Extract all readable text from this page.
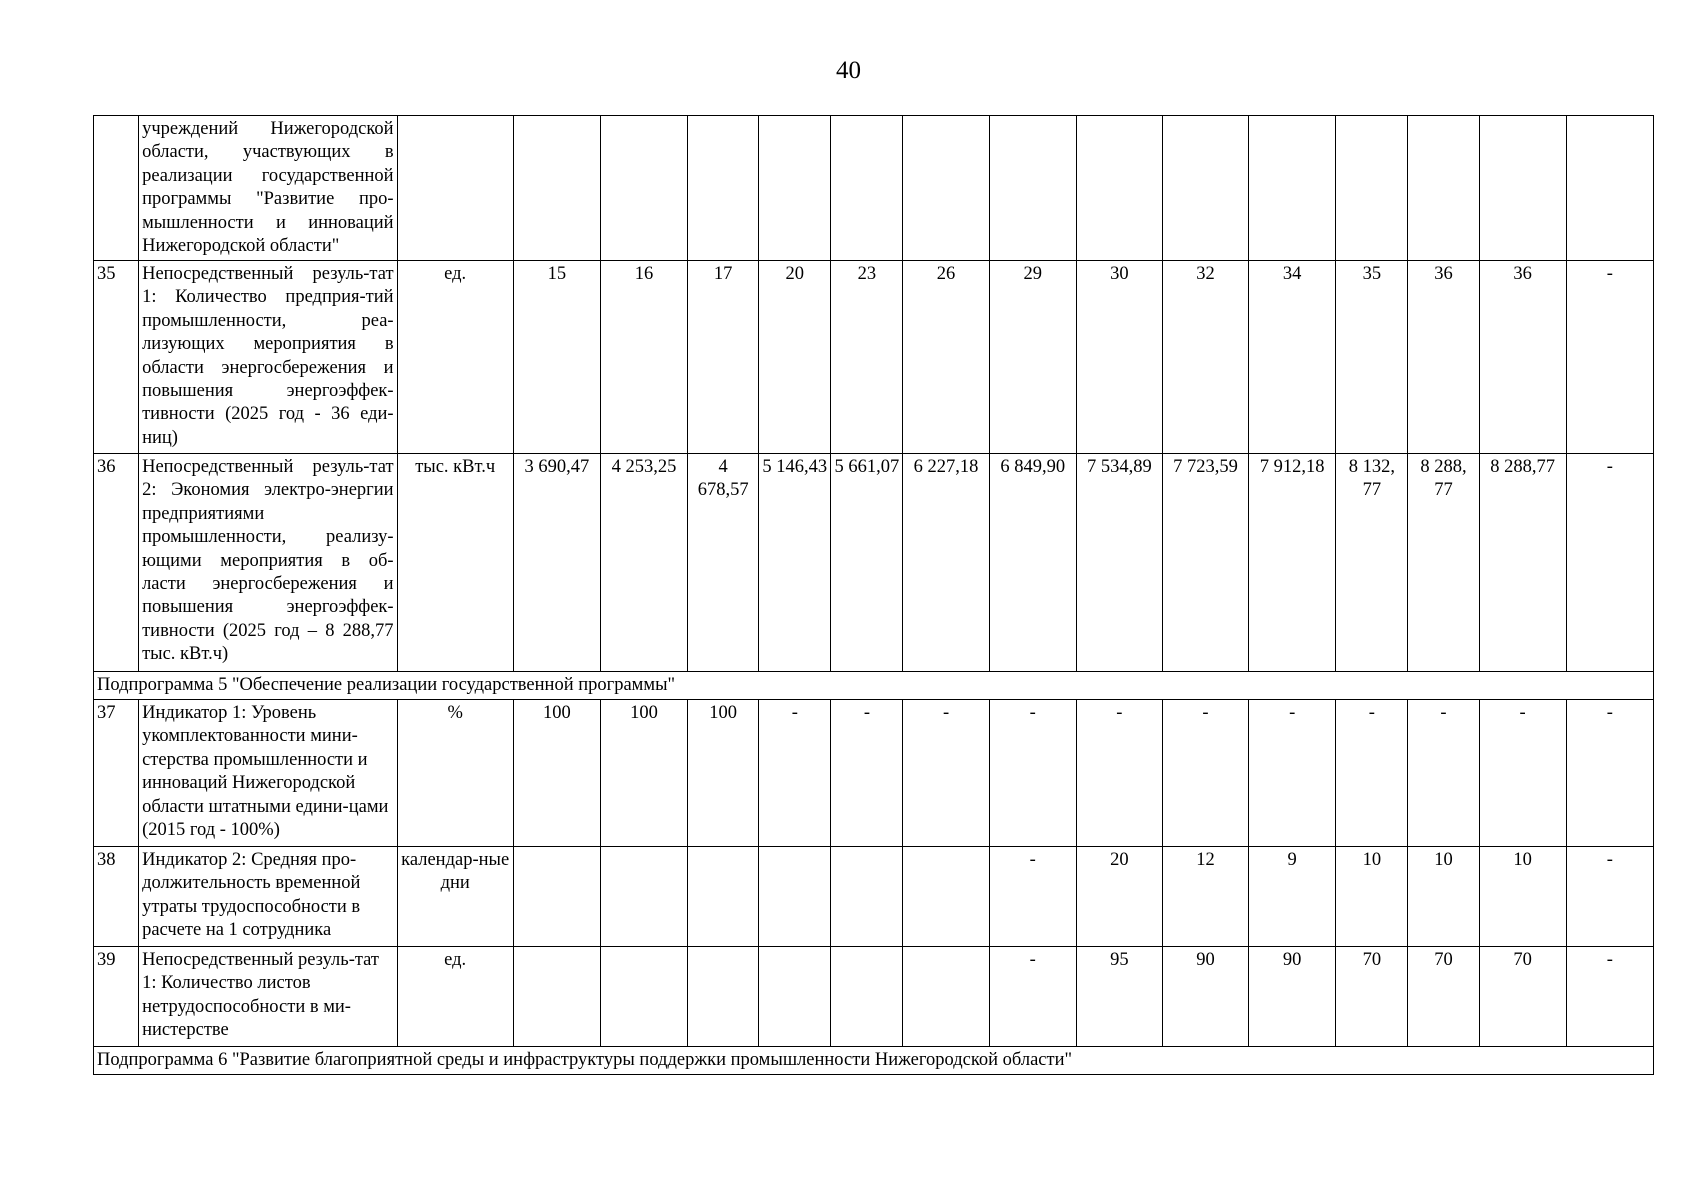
40
	учреждений Нижегородской области, участвующих в реализации государственной программы "Развитие про-мышленности и инноваций Нижегородской области"															
35	Непосредственный резуль-тат 1: Количество предприя-тий промышленности, реа-лизующих мероприятия в области энергосбережения и повышения энергоэффек-тивности (2025 год - 36 еди-ниц)	ед.	15	16	17	20	23	26	29	30	32	34	35	36	36	-
36	Непосредственный резуль-тат 2: Экономия электро-энергии предприятиями промышленности, реализу-ющими мероприятия в об-ласти энергосбережения и повышения энергоэффек-тивности (2025 год – 8 288,77 тыс. кВт.ч)	тыс. кВт.ч	3 690,47	4 253,25	4 678,57	5 146,43	5 661,07	6 227,18	6 849,90	7 534,89	7 723,59	7 912,18	8 132, 77	8 288, 77	8 288,77	-
Подпрограмма 5 "Обеспечение реализации государственной программы"																
37	Индикатор 1: Уровень укомплектованности мини-стерства промышленности и инноваций Нижегородской области штатными едини-цами (2015 год - 100%)	%	100	100	100	-	-	-	-	-	-	-	-	-	-	-
38	Индикатор 2: Средняя про-должительность временной утраты трудоспособности в расчете на 1 сотрудника	календар-ные дни							-	20	12	9	10	10	10	-
39	Непосредственный резуль-тат 1: Количество листов нетрудоспособности в ми-нистерстве	ед.							-	95	90	90	70	70	70	-
Подпрограмма 6 "Развитие благоприятной среды и инфраструктуры поддержки промышленности Нижегородской области"																
